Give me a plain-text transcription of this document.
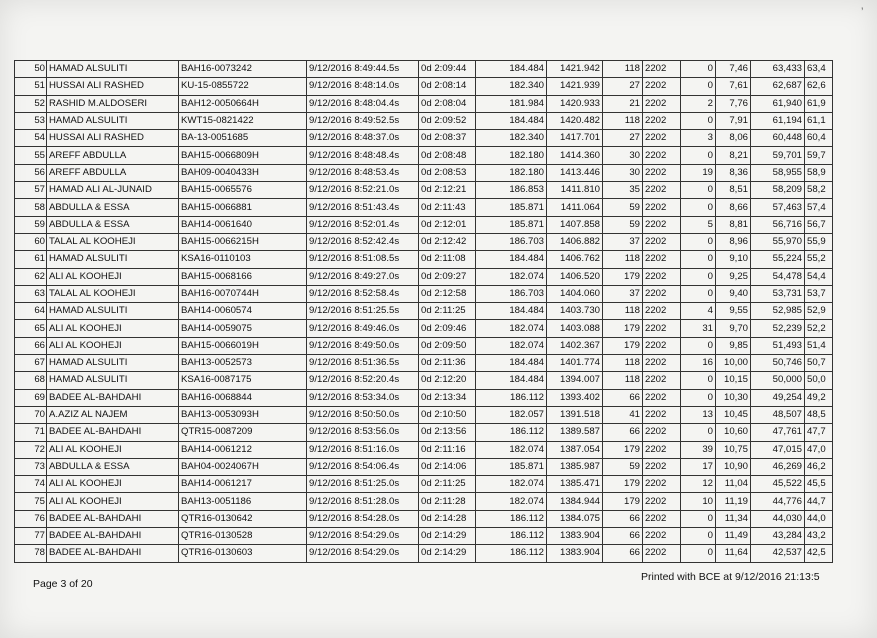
’
50	HAMAD ALSULITI	BAH16-0073242	9/12/2016 8:49:44.5s	0d 2:09:44	184.484	1421.942	118	2202	0	7,46	63,433	63,4
51	HUSSAI ALI RASHED	KU-15-0855722	9/12/2016 8:48:14.0s	0d 2:08:14	182.340	1421.939	27	2202	0	7,61	62,687	62,6
52	RASHID M.ALDOSERI	BAH12-0050664H	9/12/2016 8:48:04.4s	0d 2:08:04	181.984	1420.933	21	2202	2	7,76	61,940	61,9
53	HAMAD ALSULITI	KWT15-0821422	9/12/2016 8:49:52.5s	0d 2:09:52	184.484	1420.482	118	2202	0	7,91	61,194	61,1
54	HUSSAI ALI RASHED	BA-13-0051685	9/12/2016 8:48:37.0s	0d 2:08:37	182.340	1417.701	27	2202	3	8,06	60,448	60,4
55	AREFF ABDULLA	BAH15-0066809H	9/12/2016 8:48:48.4s	0d 2:08:48	182.180	1414.360	30	2202	0	8,21	59,701	59,7
56	AREFF ABDULLA	BAH09-0040433H	9/12/2016 8:48:53.4s	0d 2:08:53	182.180	1413.446	30	2202	19	8,36	58,955	58,9
57	HAMAD ALI AL-JUNAID	BAH15-0065576	9/12/2016 8:52:21.0s	0d 2:12:21	186.853	1411.810	35	2202	0	8,51	58,209	58,2
58	ABDULLA & ESSA	BAH15-0066881	9/12/2016 8:51:43.4s	0d 2:11:43	185.871	1411.064	59	2202	0	8,66	57,463	57,4
59	ABDULLA & ESSA	BAH14-0061640	9/12/2016 8:52:01.4s	0d 2:12:01	185.871	1407.858	59	2202	5	8,81	56,716	56,7
60	TALAL AL KOOHEJI	BAH15-0066215H	9/12/2016 8:52:42.4s	0d 2:12:42	186.703	1406.882	37	2202	0	8,96	55,970	55,9
61	HAMAD ALSULITI	KSA16-0110103	9/12/2016 8:51:08.5s	0d 2:11:08	184.484	1406.762	118	2202	0	9,10	55,224	55,2
62	ALI AL KOOHEJI	BAH15-0068166	9/12/2016 8:49:27.0s	0d 2:09:27	182.074	1406.520	179	2202	0	9,25	54,478	54,4
63	TALAL AL KOOHEJI	BAH16-0070744H	9/12/2016 8:52:58.4s	0d 2:12:58	186.703	1404.060	37	2202	0	9,40	53,731	53,7
64	HAMAD ALSULITI	BAH14-0060574	9/12/2016 8:51:25.5s	0d 2:11:25	184.484	1403.730	118	2202	4	9,55	52,985	52,9
65	ALI AL KOOHEJI	BAH14-0059075	9/12/2016 8:49:46.0s	0d 2:09:46	182.074	1403.088	179	2202	31	9,70	52,239	52,2
66	ALI AL KOOHEJI	BAH15-0066019H	9/12/2016 8:49:50.0s	0d 2:09:50	182.074	1402.367	179	2202	0	9,85	51,493	51,4
67	HAMAD ALSULITI	BAH13-0052573	9/12/2016 8:51:36.5s	0d 2:11:36	184.484	1401.774	118	2202	16	10,00	50,746	50,7
68	HAMAD ALSULITI	KSA16-0087175	9/12/2016 8:52:20.4s	0d 2:12:20	184.484	1394.007	118	2202	0	10,15	50,000	50,0
69	BADEE AL-BAHDAHI	BAH16-0068844	9/12/2016 8:53:34.0s	0d 2:13:34	186.112	1393.402	66	2202	0	10,30	49,254	49,2
70	A.AZIZ AL NAJEM	BAH13-0053093H	9/12/2016 8:50:50.0s	0d 2:10:50	182.057	1391.518	41	2202	13	10,45	48,507	48,5
71	BADEE AL-BAHDAHI	QTR15-0087209	9/12/2016 8:53:56.0s	0d 2:13:56	186.112	1389.587	66	2202	0	10,60	47,761	47,7
72	ALI AL KOOHEJI	BAH14-0061212	9/12/2016 8:51:16.0s	0d 2:11:16	182.074	1387.054	179	2202	39	10,75	47,015	47,0
73	ABDULLA & ESSA	BAH04-0024067H	9/12/2016 8:54:06.4s	0d 2:14:06	185.871	1385.987	59	2202	17	10,90	46,269	46,2
74	ALI AL KOOHEJI	BAH14-0061217	9/12/2016 8:51:25.0s	0d 2:11:25	182.074	1385.471	179	2202	12	11,04	45,522	45,5
75	ALI AL KOOHEJI	BAH13-0051186	9/12/2016 8:51:28.0s	0d 2:11:28	182.074	1384.944	179	2202	10	11,19	44,776	44,7
76	BADEE AL-BAHDAHI	QTR16-0130642	9/12/2016 8:54:28.0s	0d 2:14:28	186.112	1384.075	66	2202	0	11,34	44,030	44,0
77	BADEE AL-BAHDAHI	QTR16-0130528	9/12/2016 8:54:29.0s	0d 2:14:29	186.112	1383.904	66	2202	0	11,49	43,284	43,2
78	BADEE AL-BAHDAHI	QTR16-0130603	9/12/2016 8:54:29.0s	0d 2:14:29	186.112	1383.904	66	2202	0	11,64	42,537	42,5
Page 3 of 20
Printed with BCE at 9/12/2016 21:13:5
